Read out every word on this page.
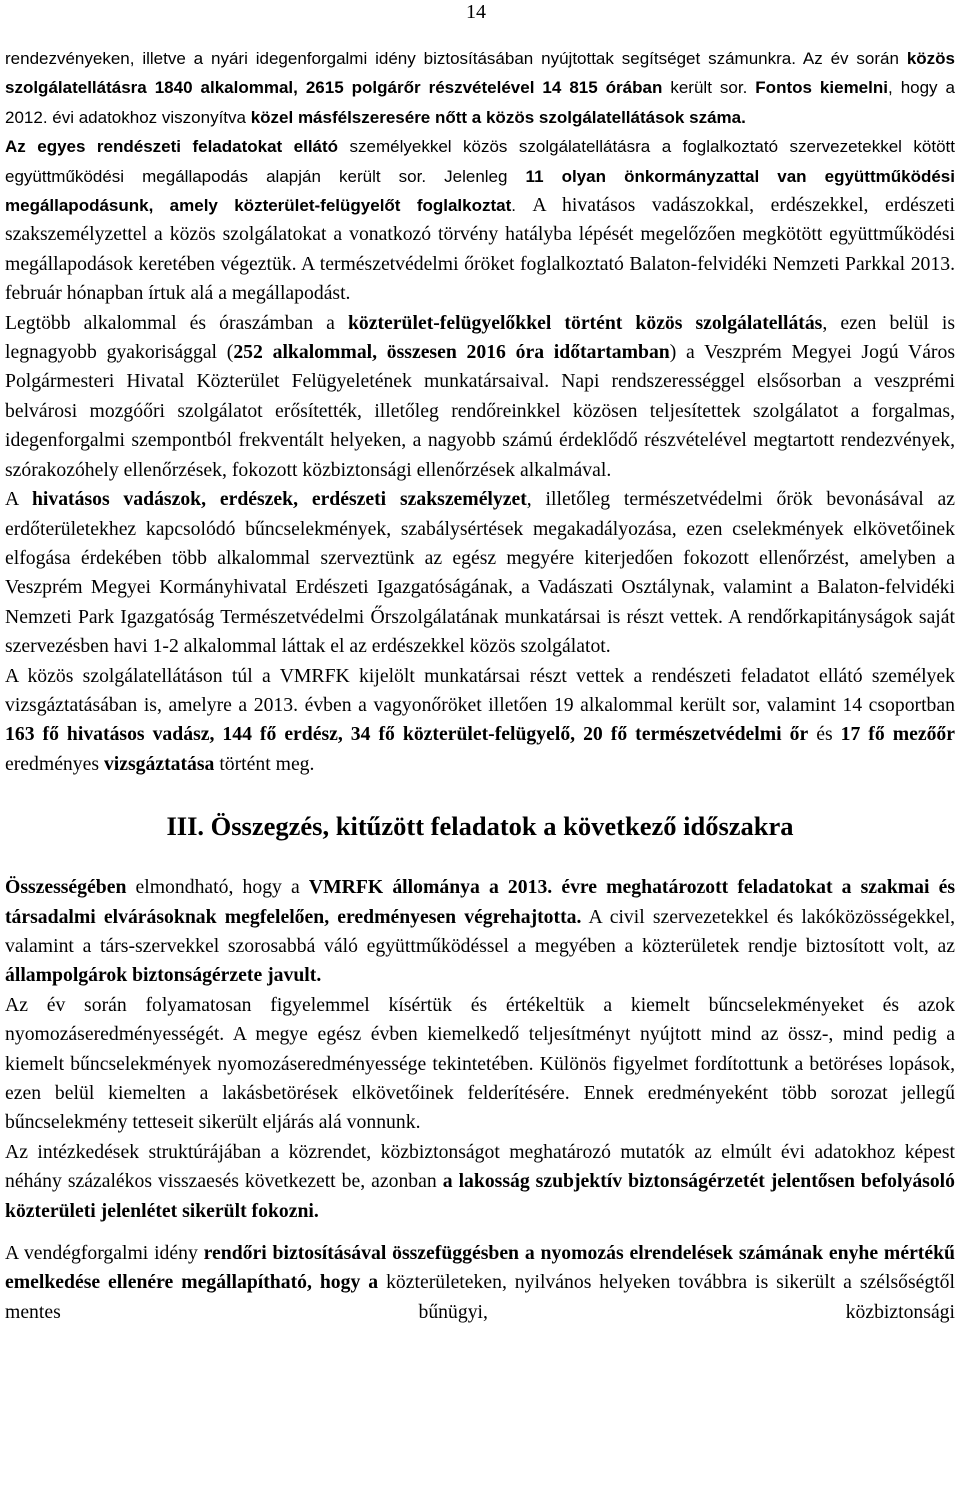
14

rendezvényeken, illetve a nyári idegenforgalmi idény biztosításában nyújtottak segítséget számunkra. Az év során közös szolgálatellátásra 1840 alkalommal, 2615 polgárőr részvételével 14 815 órában került sor. Fontos kiemelni, hogy a 2012. évi adatokhoz viszonyítva közel másfélszeresére nőtt a közös szolgálatellátások száma.

Az egyes rendészeti feladatokat ellátó személyekkel közös szolgálatellátásra a foglalkoztató szervezetekkel kötött együttműködési megállapodás alapján került sor. Jelenleg 11 olyan önkormányzattal van együttműködési megállapodásunk, amely közterület-felügyelőt foglalkoztat. A hivatásos vadászokkal, erdészekkel, erdészeti szakszemélyzettel a közös szolgálatokat a vonatkozó törvény hatályba lépését megelőzően megkötött együttműködési megállapodások keretében végeztük. A természetvédelmi őröket foglalkoztató Balaton-felvidéki Nemzeti Parkkal 2013. február hónapban írtuk alá a megállapodást.

Legtöbb alkalommal és óraszámban a közterület-felügyelőkkel történt közös szolgálatellátás, ezen belül is legnagyobb gyakorisággal (252 alkalommal, összesen 2016 óra időtartamban) a Veszprém Megyei Jogú Város Polgármesteri Hivatal Közterület Felügyeletének munkatársaival. Napi rendszerességgel elsősorban a veszprémi belvárosi mozgóőri szolgálatot erősítették, illetőleg rendőreinkkel közösen teljesítettek szolgálatot a forgalmas, idegenforgalmi szempontból frekventált helyeken, a nagyobb számú érdeklődő részvételével megtartott rendezvények, szórakozóhely ellenőrzések, fokozott közbiztonsági ellenőrzések alkalmával.

A hivatásos vadászok, erdészek, erdészeti szakszemélyzet, illetőleg természetvédelmi őrök bevonásával az erdőterületekhez kapcsolódó bűncselekmények, szabálysértések megakadályozása, ezen cselekmények elkövetőinek elfogása érdekében több alkalommal szerveztünk az egész megyére kiterjedően fokozott ellenőrzést, amelyben a Veszprém Megyei Kormányhivatal Erdészeti Igazgatóságának, a Vadászati Osztálynak, valamint a Balaton-felvidéki Nemzeti Park Igazgatóság Természetvédelmi Őrszolgálatának munkatársai is részt vettek. A rendőrkapitányságok saját szervezésben havi 1-2 alkalommal láttak el az erdészekkel közös szolgálatot.

A közös szolgálatellátáson túl a VMRFK kijelölt munkatársai részt vettek a rendészeti feladatot ellátó személyek vizsgáztatásában is, amelyre a 2013. évben a vagyonőröket illetően 19 alkalommal került sor, valamint 14 csoportban 163 fő hivatásos vadász, 144 fő erdész, 34 fő közterület-felügyelő, 20 fő természetvédelmi őr és 17 fő mezőőr eredményes vizsgáztatása történt meg.

III. Összegzés, kitűzött feladatok a következő időszakra

Összességében elmondható, hogy a VMRFK állománya a 2013. évre meghatározott feladatokat a szakmai és társadalmi elvárásoknak megfelelően, eredményesen végrehajtotta. A civil szervezetekkel és lakóközösségekkel, valamint a társ-szervekkel szorosabbá váló együttműködéssel a megyében a közterületek rendje biztosított volt, az állampolgárok biztonságérzete javult.

Az év során folyamatosan figyelemmel kísértük és értékeltük a kiemelt bűncselekményeket és azok nyomozáseredményességét. A megye egész évben kiemelkedő teljesítményt nyújtott mind az össz-, mind pedig a kiemelt bűncselekmények nyomozáseredményessége tekintetében. Különös figyelmet fordítottunk a betöréses lopások, ezen belül kiemelten a lakásbetörések elkövetőinek felderítésére. Ennek eredményeként több sorozat jellegű bűncselekmény tetteseit sikerült eljárás alá vonnunk.

Az intézkedések struktúrájában a közrendet, közbiztonságot meghatározó mutatók az elmúlt évi adatokhoz képest néhány százalékos visszaesés következett be, azonban a lakosság szubjektív biztonságérzetét jelentősen befolyásoló közterületi jelenlétet sikerült fokozni.

A vendégforgalmi idény rendőri biztosításával összefüggésben a nyomozás elrendelések számának enyhe mértékű emelkedése ellenére megállapítható, hogy a közterületeken, nyilvános helyeken továbbra is sikerült a szélsőségtől mentes bűnügyi, közbiztonsági
